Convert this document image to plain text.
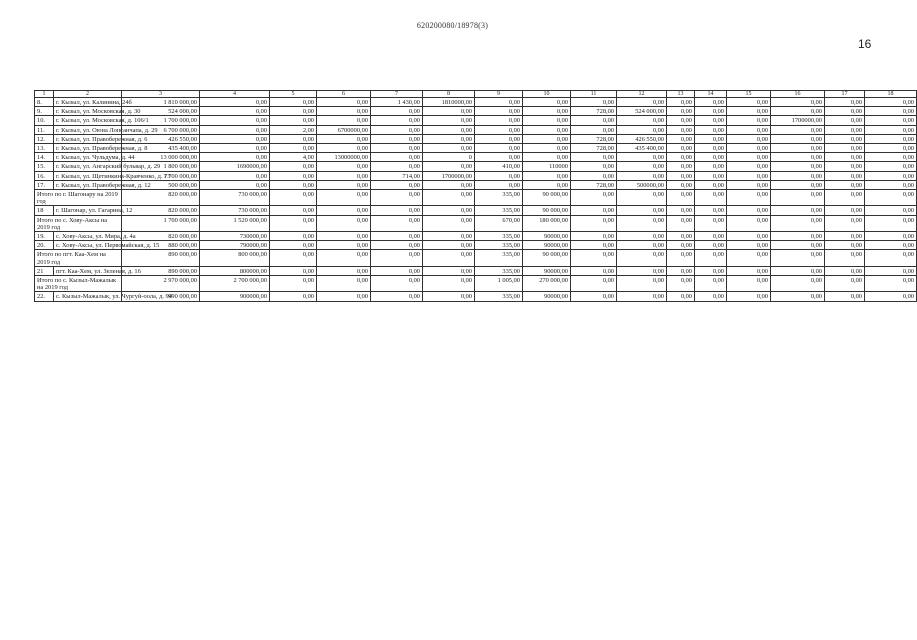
620200080/18978(3)
16
1	2	3	4	5	6	7	8	9	10	11	12	13	14	15	16	17	18
8.	г. Кызыл, ул. Калинина, 24б	1 810 000,00	0,00	0,00	0,00	1 430,00	1810000,00	0,00	0,00	0,00	0,00	0,00	0,00	0,00	0,00	0,00	0,00
9.	г. Кызыл, ул. Московская, д. 30	524 000,00	0,00	0,00	0,00	0,00	0,00	0,00	0,00	728,00	524 000,00	0,00	0,00	0,00	0,00	0,00	0,00
10.	г. Кызыл, ул. Московская, д. 106/1	1 700 000,00	0,00	0,00	0,00	0,00	0,00	0,00	0,00	0,00	0,00	0,00	0,00	0,00	1700000,00	0,00	0,00
11.	г. Кызыл, ул. Оюна Лопсанчапа, д. 29	6 700 000,00	0,00	2,00	6700000,00	0,00	0,00	0,00	0,00	0,00	0,00	0,00	0,00	0,00	0,00	0,00	0,00
12.	г. Кызыл, ул. Правобережная, д. 6	426 550,00	0,00	0,00	0,00	0,00	0,00	0,00	0,00	728,00	426 550,00	0,00	0,00	0,00	0,00	0,00	0,00
13.	г. Кызыл, ул. Правобережная, д. 8	435 400,00	0,00	0,00	0,00	0,00	0,00	0,00	0,00	728,00	435 400,00	0,00	0,00	0,00	0,00	0,00	0,00
14.	г. Кызыл, ул. Чульдума, д. 44	13 000 000,00	0,00	4,00	13000000,00	0,00	0	0,00	0,00	0,00	0,00	0,00	0,00	0,00	0,00	0,00	0,00
15.	г. Кызыл, ул. Ангарский бульвар, д. 29	1 800 000,00	1690000,00	0,00	0,00	0,00	0,00	410,00	110000	0,00	0,00	0,00	0,00	0,00	0,00	0,00	0,00
16.	г. Кызыл, ул. Щетинкина-Кравченко, д. 73	1 700 000,00	0,00	0,00	0,00	714,00	1700000,00	0,00	0,00	0,00	0,00	0,00	0,00	0,00	0,00	0,00	0,00
17.	г. Кызыл, ул. Правобережная, д. 12	500 000,00	0,00	0,00	0,00	0,00	0,00	0,00	0,00	728,00	500000,00	0,00	0,00	0,00	0,00	0,00	0,00
Итого по г. Шагонару на 2019 год		820 000,00	730 000,00	0,00	0,00	0,00	0,00	335,00	90 000,00	0,00	0,00	0,00	0,00	0,00	0,00	0,00	0,00
18	г. Шагонар, ул. Гагарина, 12	820 000,00	730 000,00	0,00	0,00	0,00	0,00	335,00	90 000,00	0,00	0,00	0,00	0,00	0,00	0,00	0,00	0,00
Итого по с. Хову-Аксы на 2019 год		1 700 000,00	1 520 000,00	0,00	0,00	0,00	0,00	670,00	180 000,00	0,00	0,00	0,00	0,00	0,00	0,00	0,00	0,00
19.	с. Хову-Аксы, ул. Мира, д. 4а	820 000,00	730000,00	0,00	0,00	0,00	0,00	335,00	90000,00	0,00	0,00	0,00	0,00	0,00	0,00	0,00	0,00
20.	с. Хову-Аксы, ул. Первомайская, д. 15	880 000,00	790000,00	0,00	0,00	0,00	0,00	335,00	90000,00	0,00	0,00	0,00	0,00	0,00	0,00	0,00	0,00
Итого по пгт. Каа-Хем на 2019 год		890 000,00	800 000,00	0,00	0,00	0,00	0,00	335,00	90 000,00	0,00	0,00	0,00	0,00	0,00	0,00	0,00	0,00
21	пгт. Каа-Хем, ул. Зеленая, д. 16	890 000,00	800000,00	0,00	0,00	0,00	0,00	335,00	90000,00	0,00	0,00	0,00	0,00	0,00	0,00	0,00	0,00
Итого по с. Кызыл-Мажалык на 2019 год		2 970 000,00	2 700 000,00	0,00	0,00	0,00	0,00	1 005,00	270 000,00	0,00	0,00	0,00	0,00	0,00	0,00	0,00	0,00
22.	с. Кызыл-Мажалык, ул. Чургуй-оола, д. 94	990 000,00	900000,00	0,00	0,00	0,00	0,00	335,00	90000,00	0,00	0,00	0,00	0,00	0,00	0,00	0,00	0,00
